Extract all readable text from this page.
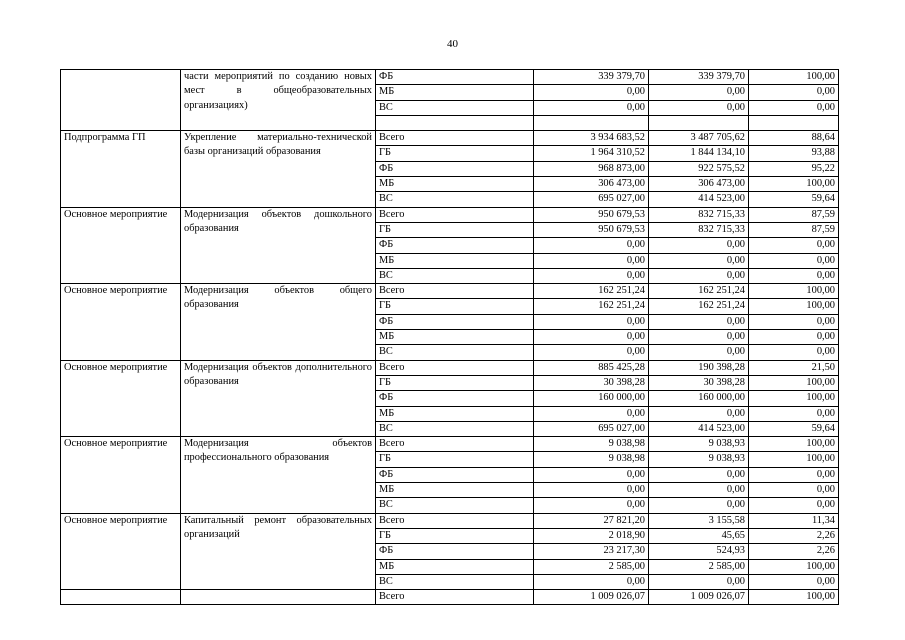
40
	части мероприятий по созданию новых мест в общеобразовательных организациях)	ФБ	339 379,70	339 379,70	100,00
		МБ	0,00	0,00	0,00
		ВС	0,00	0,00	0,00

Подпрограмма ГП	Укрепление материально-технической базы организаций образования	Всего	3 934 683,52	3 487 705,62	88,64
		ГБ	1 964 310,52	1 844 134,10	93,88
		ФБ	968 873,00	922 575,52	95,22
		МБ	306 473,00	306 473,00	100,00
		ВС	695 027,00	414 523,00	59,64
Основное мероприятие	Модернизация объектов дошкольного образования	Всего	950 679,53	832 715,33	87,59
		ГБ	950 679,53	832 715,33	87,59
		ФБ	0,00	0,00	0,00
		МБ	0,00	0,00	0,00
		ВС	0,00	0,00	0,00
Основное мероприятие	Модернизация объектов общего образования	Всего	162 251,24	162 251,24	100,00
		ГБ	162 251,24	162 251,24	100,00
		ФБ	0,00	0,00	0,00
		МБ	0,00	0,00	0,00
		ВС	0,00	0,00	0,00
Основное мероприятие	Модернизация объектов дополнительного образования	Всего	885 425,28	190 398,28	21,50
		ГБ	30 398,28	30 398,28	100,00
		ФБ	160 000,00	160 000,00	100,00
		МБ	0,00	0,00	0,00
		ВС	695 027,00	414 523,00	59,64
Основное мероприятие	Модернизация объектов профессионального образования	Всего	9 038,98	9 038,93	100,00
		ГБ	9 038,98	9 038,93	100,00
		ФБ	0,00	0,00	0,00
		МБ	0,00	0,00	0,00
		ВС	0,00	0,00	0,00
Основное мероприятие	Капитальный ремонт образовательных организаций	Всего	27 821,20	3 155,58	11,34
		ГБ	2 018,90	45,65	2,26
		ФБ	23 217,30	524,93	2,26
		МБ	2 585,00	2 585,00	100,00
		ВС	0,00	0,00	0,00
		Всего	1 009 026,07	1 009 026,07	100,00
